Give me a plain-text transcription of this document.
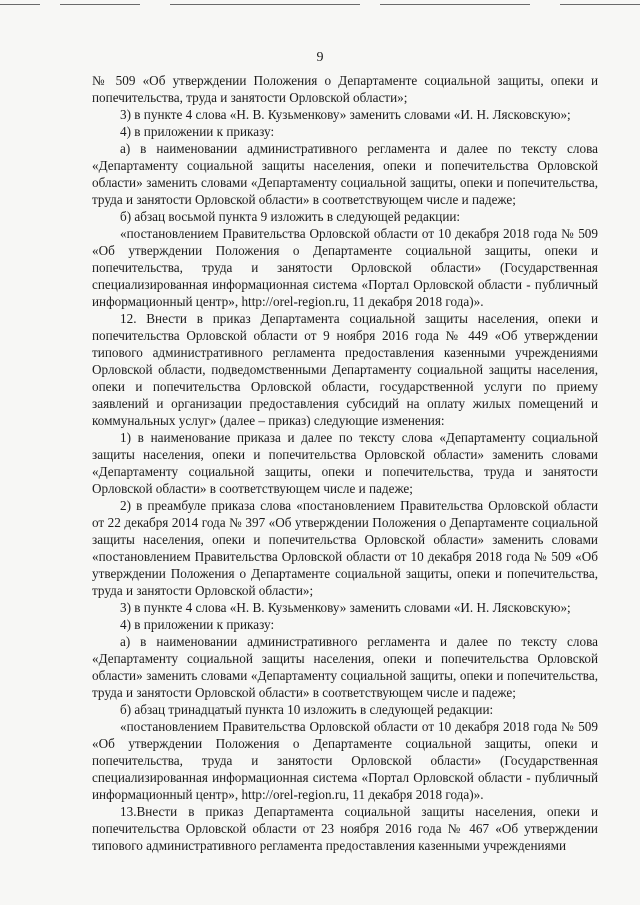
9

№ 509 «Об утверждении Положения о Департаменте социальной защиты, опеки и попечительства, труда и занятости Орловской области»;

3) в пункте 4 слова «Н. В. Кузьменкову» заменить словами «И. Н. Лясковскую»;

4) в приложении к приказу:

а) в наименовании административного регламента и далее по тексту слова «Департаменту социальной защиты населения, опеки и попечительства Орловской области» заменить словами «Департаменту социальной защиты, опеки и попечительства, труда и занятости Орловской области» в соответствующем числе и падеже;

б) абзац восьмой пункта 9 изложить в следующей редакции:

«постановлением Правительства Орловской области от 10 декабря 2018 года № 509 «Об утверждении Положения о Департаменте социальной защиты, опеки и попечительства, труда и занятости Орловской области» (Государственная специализированная информационная система «Портал Орловской области - публичный информационный центр», http://orel-region.ru, 11 декабря 2018 года)».

12. Внести в приказ Департамента социальной защиты населения, опеки и попечительства Орловской области от 9 ноября 2016 года № 449 «Об утверждении типового административного регламента предоставления казенными учреждениями Орловской области, подведомственными Департаменту социальной защиты населения, опеки и попечительства Орловской области, государственной услуги по приему заявлений и организации предоставления субсидий на оплату жилых помещений и коммунальных услуг» (далее – приказ) следующие изменения:

1) в наименование приказа и далее по тексту слова «Департаменту социальной защиты населения, опеки и попечительства Орловской области» заменить словами «Департаменту социальной защиты, опеки и попечительства, труда и занятости Орловской области» в соответствующем числе и падеже;

2) в преамбуле приказа слова «постановлением Правительства Орловской области от 22 декабря 2014 года № 397 «Об утверждении Положения о Департаменте социальной защиты населения, опеки и попечительства Орловской области» заменить словами «постановлением Правительства Орловской области от 10 декабря 2018 года № 509 «Об утверждении Положения о Департаменте социальной защиты, опеки и попечительства, труда и занятости Орловской области»;

3) в пункте 4 слова «Н. В. Кузьменкову» заменить словами «И. Н. Лясковскую»;

4) в приложении к приказу:

а) в наименовании административного регламента и далее по тексту слова «Департаменту социальной защиты населения, опеки и попечительства Орловской области» заменить словами «Департаменту социальной защиты, опеки и попечительства, труда и занятости Орловской области» в соответствующем числе и падеже;

б) абзац тринадцатый пункта 10 изложить в следующей редакции:

«постановлением Правительства Орловской области от 10 декабря 2018 года № 509 «Об утверждении Положения о Департаменте социальной защиты, опеки и попечительства, труда и занятости Орловской области» (Государственная специализированная информационная система «Портал Орловской области - публичный информационный центр», http://orel-region.ru, 11 декабря 2018 года)».

13.Внести в приказ Департамента социальной защиты населения, опеки и попечительства Орловской области от 23 ноября 2016 года № 467 «Об утверждении типового административного регламента предоставления казенными учреждениями
